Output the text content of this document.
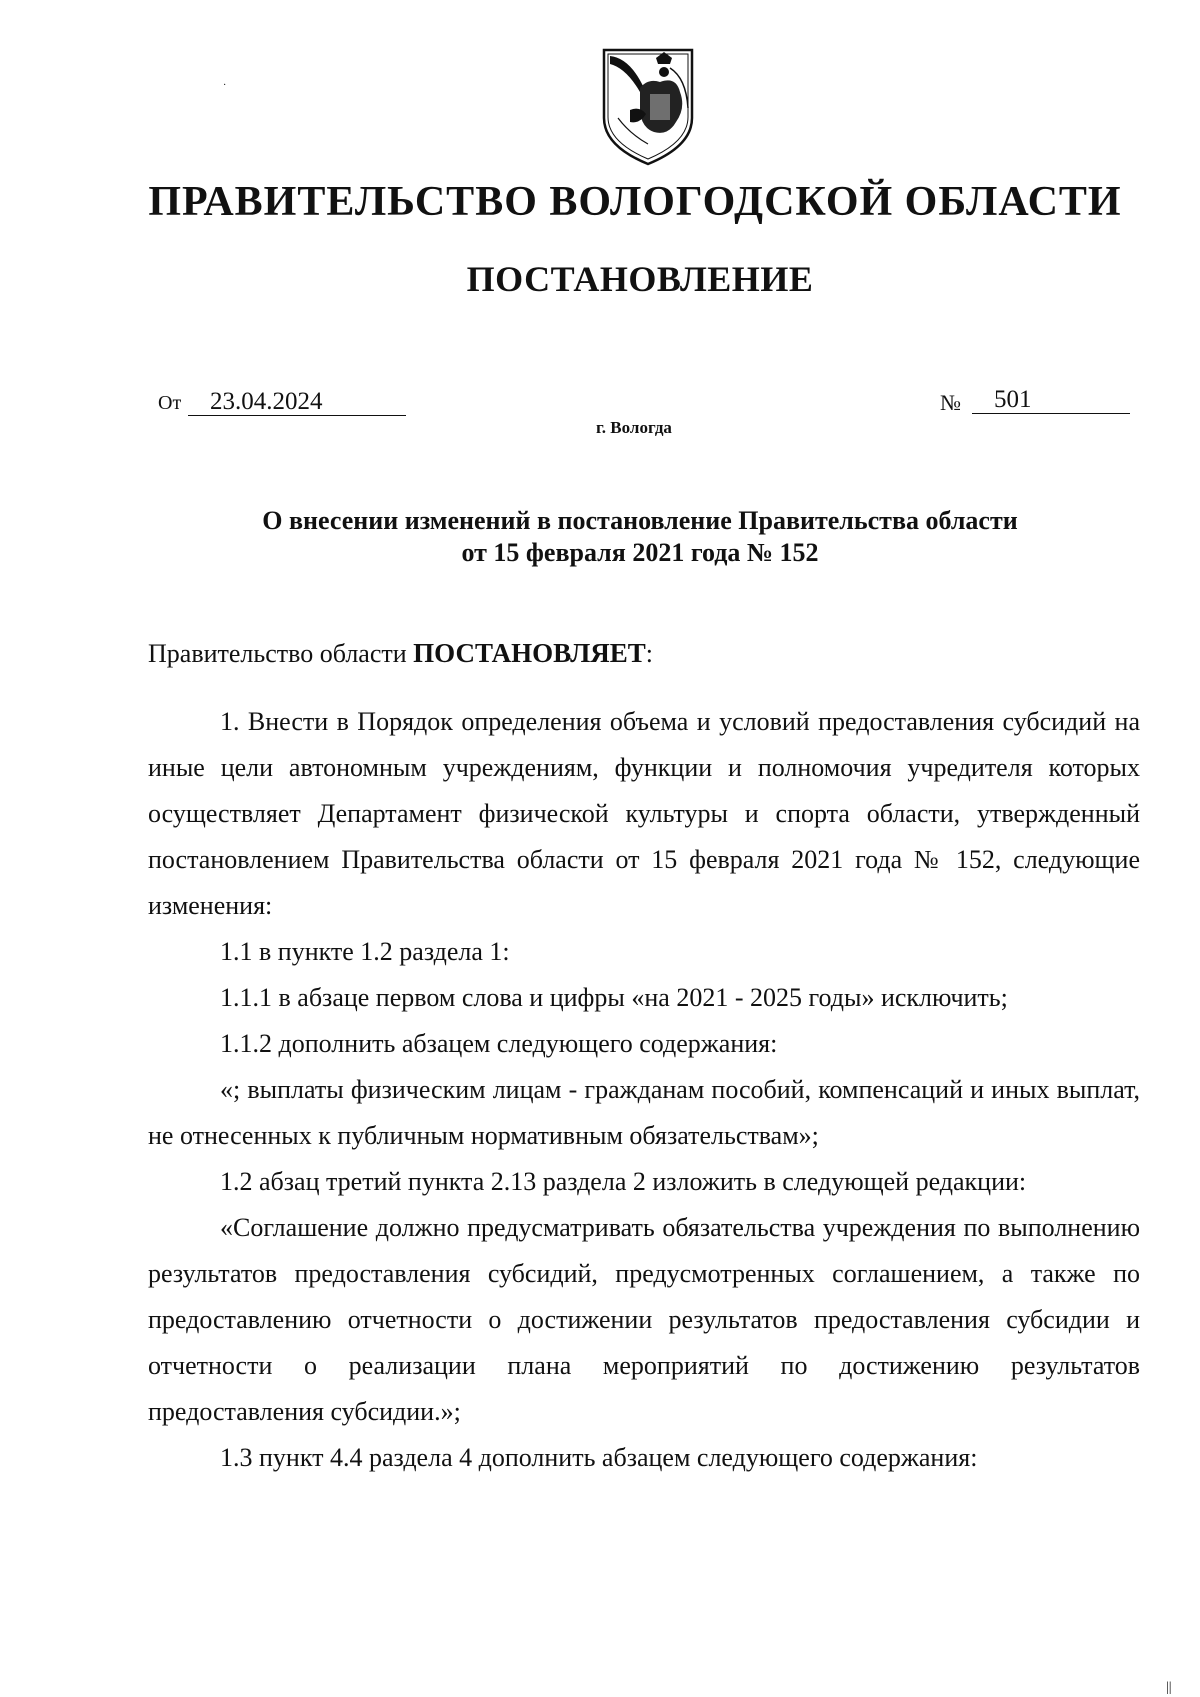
·
ПРАВИТЕЛЬСТВО ВОЛОГОДСКОЙ ОБЛАСТИ
ПОСТАНОВЛЕНИЕ
От	23.04.2024	№	501
г. Вологда
О внесении изменений в постановление Правительства области
от 15 февраля 2021 года № 152

Правительство области ПОСТАНОВЛЯЕТ:

1. Внести в Порядок определения объема и условий предоставления субсидий на иные цели автономным учреждениям, функции и полномочия учредителя которых осуществляет Департамент физической культуры и спорта области, утвержденный постановлением Правительства области от 15 февраля 2021 года № 152, следующие изменения:

1.1 в пункте 1.2 раздела 1:

1.1.1 в абзаце первом слова и цифры «на 2021 - 2025 годы» исключить;

1.1.2 дополнить абзацем следующего содержания:

«; выплаты физическим лицам - гражданам пособий, компенсаций и иных выплат, не отнесенных к публичным нормативным обязательствам»;

1.2 абзац третий пункта 2.13 раздела 2 изложить в следующей редакции:

«Соглашение должно предусматривать обязательства учреждения по выполнению результатов предоставления субсидий, предусмотренных соглашением, а также по предоставлению отчетности о достижении результатов предоставления субсидии и отчетности о реализации плана мероприятий по достижению результатов предоставления субсидии.»;

1.3 пункт 4.4 раздела 4 дополнить абзацем следующего содержания:

||
